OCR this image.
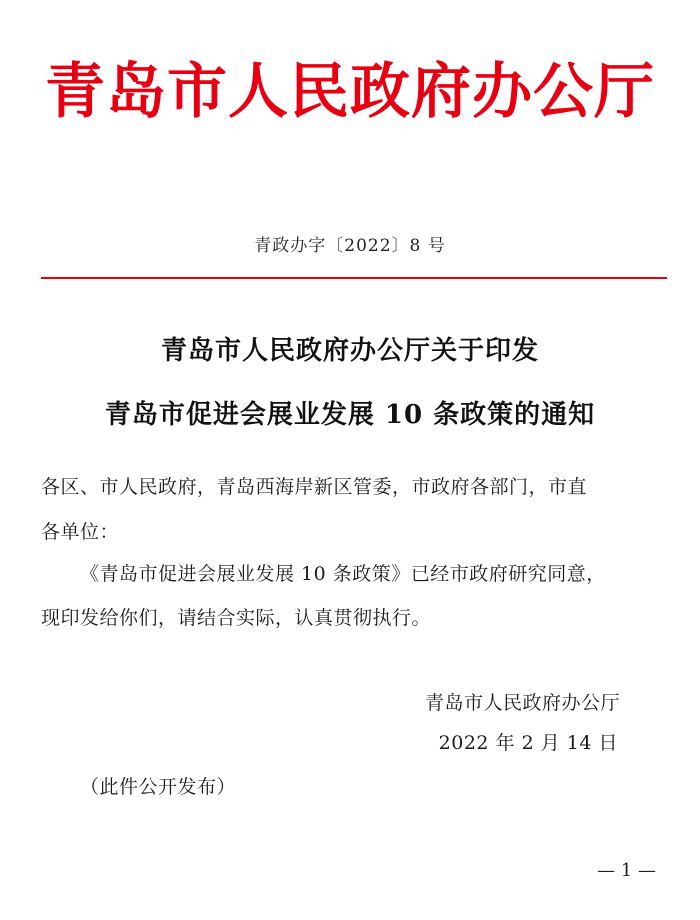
青岛市人民政府办公厅
青政办字〔2022〕8 号
青岛市人民政府办公厅关于印发
青岛市促进会展业发展 10 条政策的通知
各区、市人民政府，青岛西海岸新区管委，市政府各部门，市直
各单位：
《青岛市促进会展业发展 10 条政策》已经市政府研究同意，
现印发给你们，请结合实际，认真贯彻执行。
青岛市人民政府办公厅
2022 年 2 月 14 日
（此件公开发布）
— 1 —
